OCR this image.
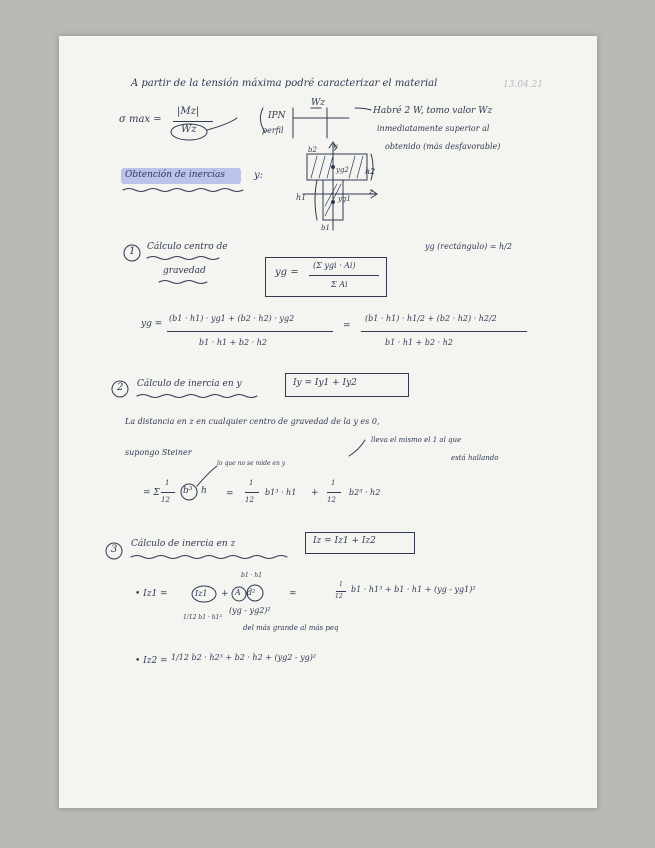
13.04.21
A partir de la tensión máxima podré caracterizar el material
σ max =
|Mz|
Wz
IPN
perfil
Wz
Habré 2 W, tomo valor Wz
inmediatamente superior al
obtenido (más desfavorable)
Obtención de inercias	y:
b2 y
yg2 h2
h1	yg1
z
b1
1 Cálculo centro de
gravedad
yg (rectángulo) = h/2
yg =
(Σ ygi · Ai)
Σ Ai
yg =
(b1 · h1) · yg1 + (b2 · h2) · yg2
b1 · h1 + b2 · h2
=
(b1 · h1) · h1/2 + (b2 · h2) · h2/2
b1 · h1 + b2 · h2
2 Cálculo de inercia en y	Iy = Iy1 + Iy2
La distancia en z en cualquier centro de gravedad de la y es 0,
supongo Steiner
lleva el mismo el 1 al que
está hallando
lo que no se mide en y
= Σ
1
12
b³ · h =
1
12
b1³ · h1 +
1
12
b2³ · h2
3 Cálculo de inercia en z	Iz = Iz1 + Iz2
b1 · h1
• Iz1 =	Iz1 + A d²	=
1
12
b1 · h1³ + b1 · h1 + (yg - yg1)²
1/12 b1 · h1³
(yg - yg2)²
del más grande al más peq
• Iz2 = 1/12 b2 · h2³ + b2 · h2 + (yg2 - yg)²
